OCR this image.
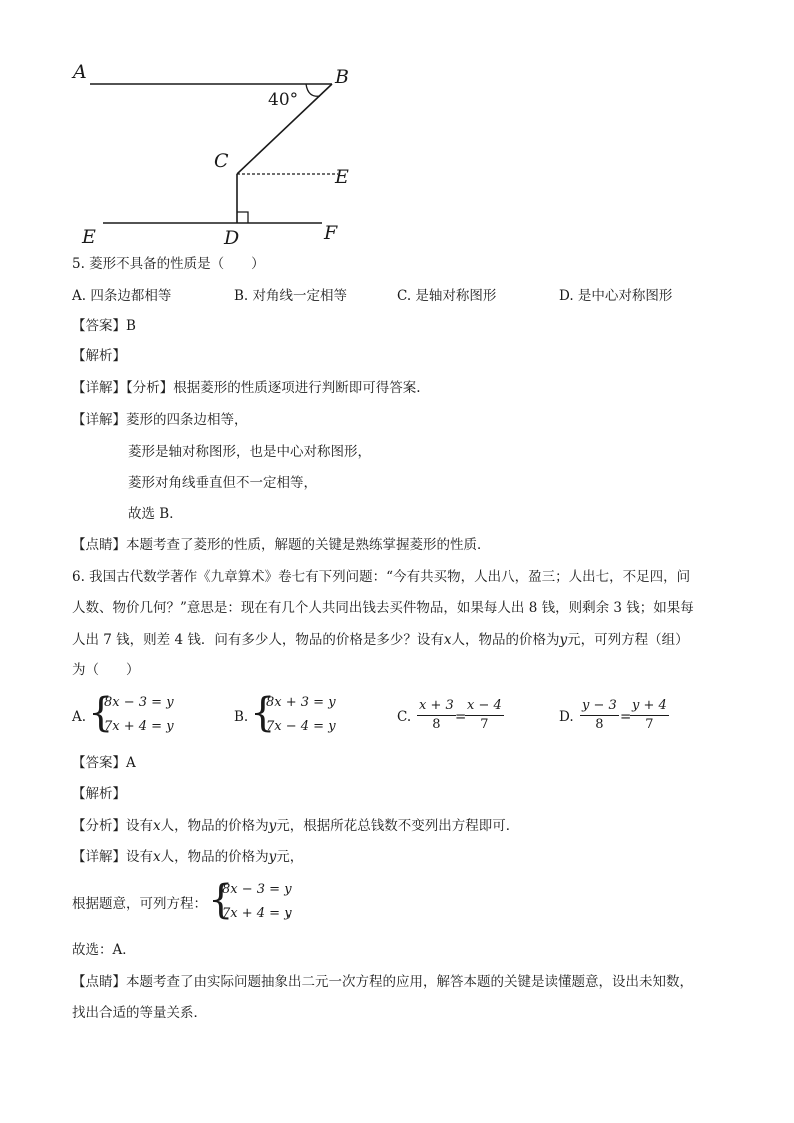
A	B
40°
C
E
E	D	F
5. 菱形不具备的性质是（　　）
A. 四条边都相等	B. 对角线一定相等	C. 是轴对称图形	D. 是中心对称图形
【答案】B
【解析】
【详解】【分析】根据菱形的性质逐项进行判断即可得答案.
【详解】菱形的四条边相等，
菱形是轴对称图形，也是中心对称图形，
菱形对角线垂直但不一定相等，
故选 B．
【点睛】本题考查了菱形的性质，解题的关键是熟练掌握菱形的性质．
6. 我国古代数学著作《九章算术》卷七有下列问题：“今有共买物，人出八，盈三；人出七，不足四，问
人数、物价几何？”意思是：现在有几个人共同出钱去买件物品，如果每人出 8 钱，则剩余 3 钱；如果每
人出 7 钱，则差 4 钱．问有多少人，物品的价格是多少？设有x人，物品的价格为y元，可列方程（组）
为（　　）
A. {
8x − 3 = y
7x + 4 = y
B. {
8x + 3 = y
7x − 4 = y
C.
x + 3
8	=
x − 4
7	D.
y − 3
8	=
y + 4
7
【答案】A
【解析】
【分析】设有x人，物品的价格为y元，根据所花总钱数不变列出方程即可．
【详解】设有x人，物品的价格为y元，
根据题意，可列方程： {
8x − 3 = y
7x + 4 = y
，
故选：A．
【点睛】本题考查了由实际问题抽象出二元一次方程的应用，解答本题的关键是读懂题意，设出未知数，
找出合适的等量关系．
